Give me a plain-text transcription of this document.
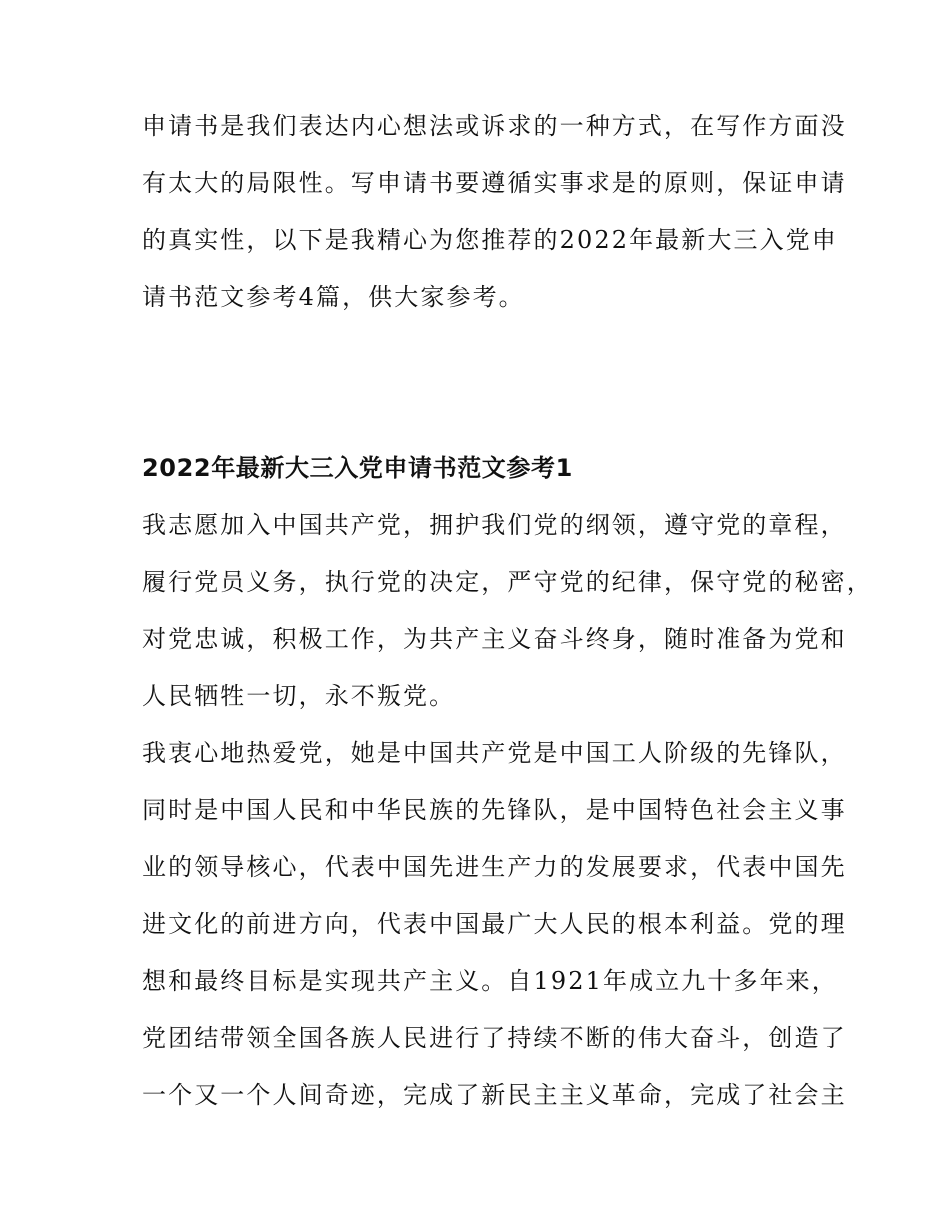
申请书是我们表达内心想法或诉求的一种方式，在写作方面没
有太大的局限性。写申请书要遵循实事求是的原则，保证申请
的真实性，以下是我精心为您推荐的2022年最新大三入党申
请书范文参考4篇，供大家参考。
2022年最新大三入党申请书范文参考1
我志愿加入中国共产党，拥护我们党的纲领，遵守党的章程，
履行党员义务，执行党的决定，严守党的纪律，保守党的秘密，
对党忠诚，积极工作，为共产主义奋斗终身，随时准备为党和
人民牺牲一切，永不叛党。
我衷心地热爱党，她是中国共产党是中国工人阶级的先锋队，
同时是中国人民和中华民族的先锋队，是中国特色社会主义事
业的领导核心，代表中国先进生产力的发展要求，代表中国先
进文化的前进方向，代表中国最广大人民的根本利益。党的理
想和最终目标是实现共产主义。自1921年成立九十多年来，
党团结带领全国各族人民进行了持续不断的伟大奋斗，创造了
一个又一个人间奇迹，完成了新民主主义革命，完成了社会主
